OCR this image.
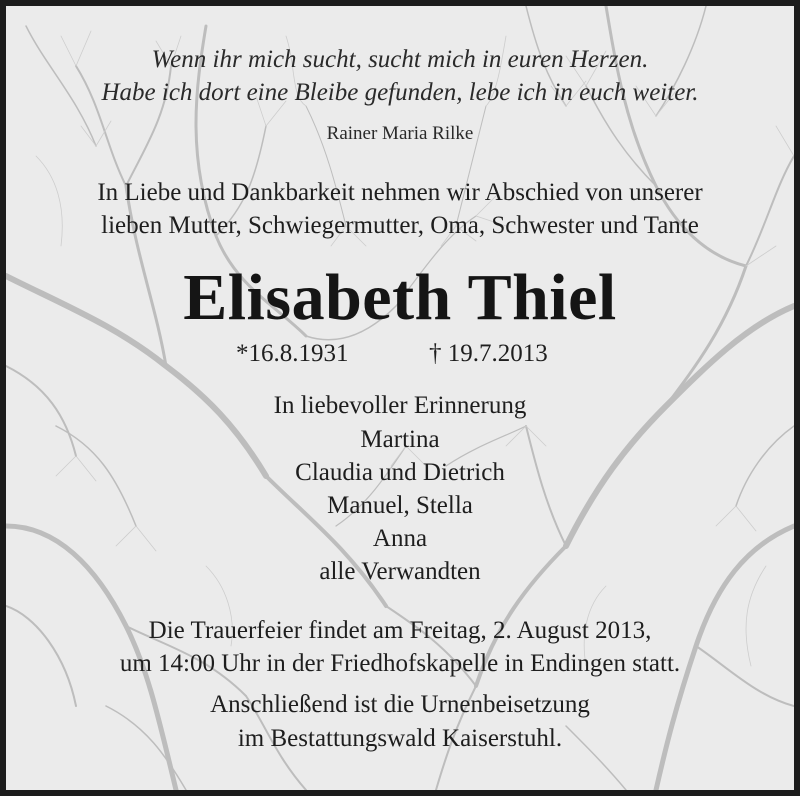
Wenn ihr mich sucht, sucht mich in euren Herzen.
Habe ich dort eine Bleibe gefunden, lebe ich in euch weiter.
Rainer Maria Rilke
In Liebe und Dankbarkeit nehmen wir Abschied von unserer
lieben Mutter, Schwiegermutter, Oma, Schwester und Tante
Elisabeth Thiel
*16.8.1931	† 19.7.2013
In liebevoller Erinnerung
Martina
Claudia und Dietrich
Manuel, Stella
Anna
alle Verwandten
Die Trauerfeier findet am Freitag, 2. August 2013,
um 14:00 Uhr in der Friedhofskapelle in Endingen statt.
Anschließend ist die Urnenbeisetzung
im Bestattungswald Kaiserstuhl.
